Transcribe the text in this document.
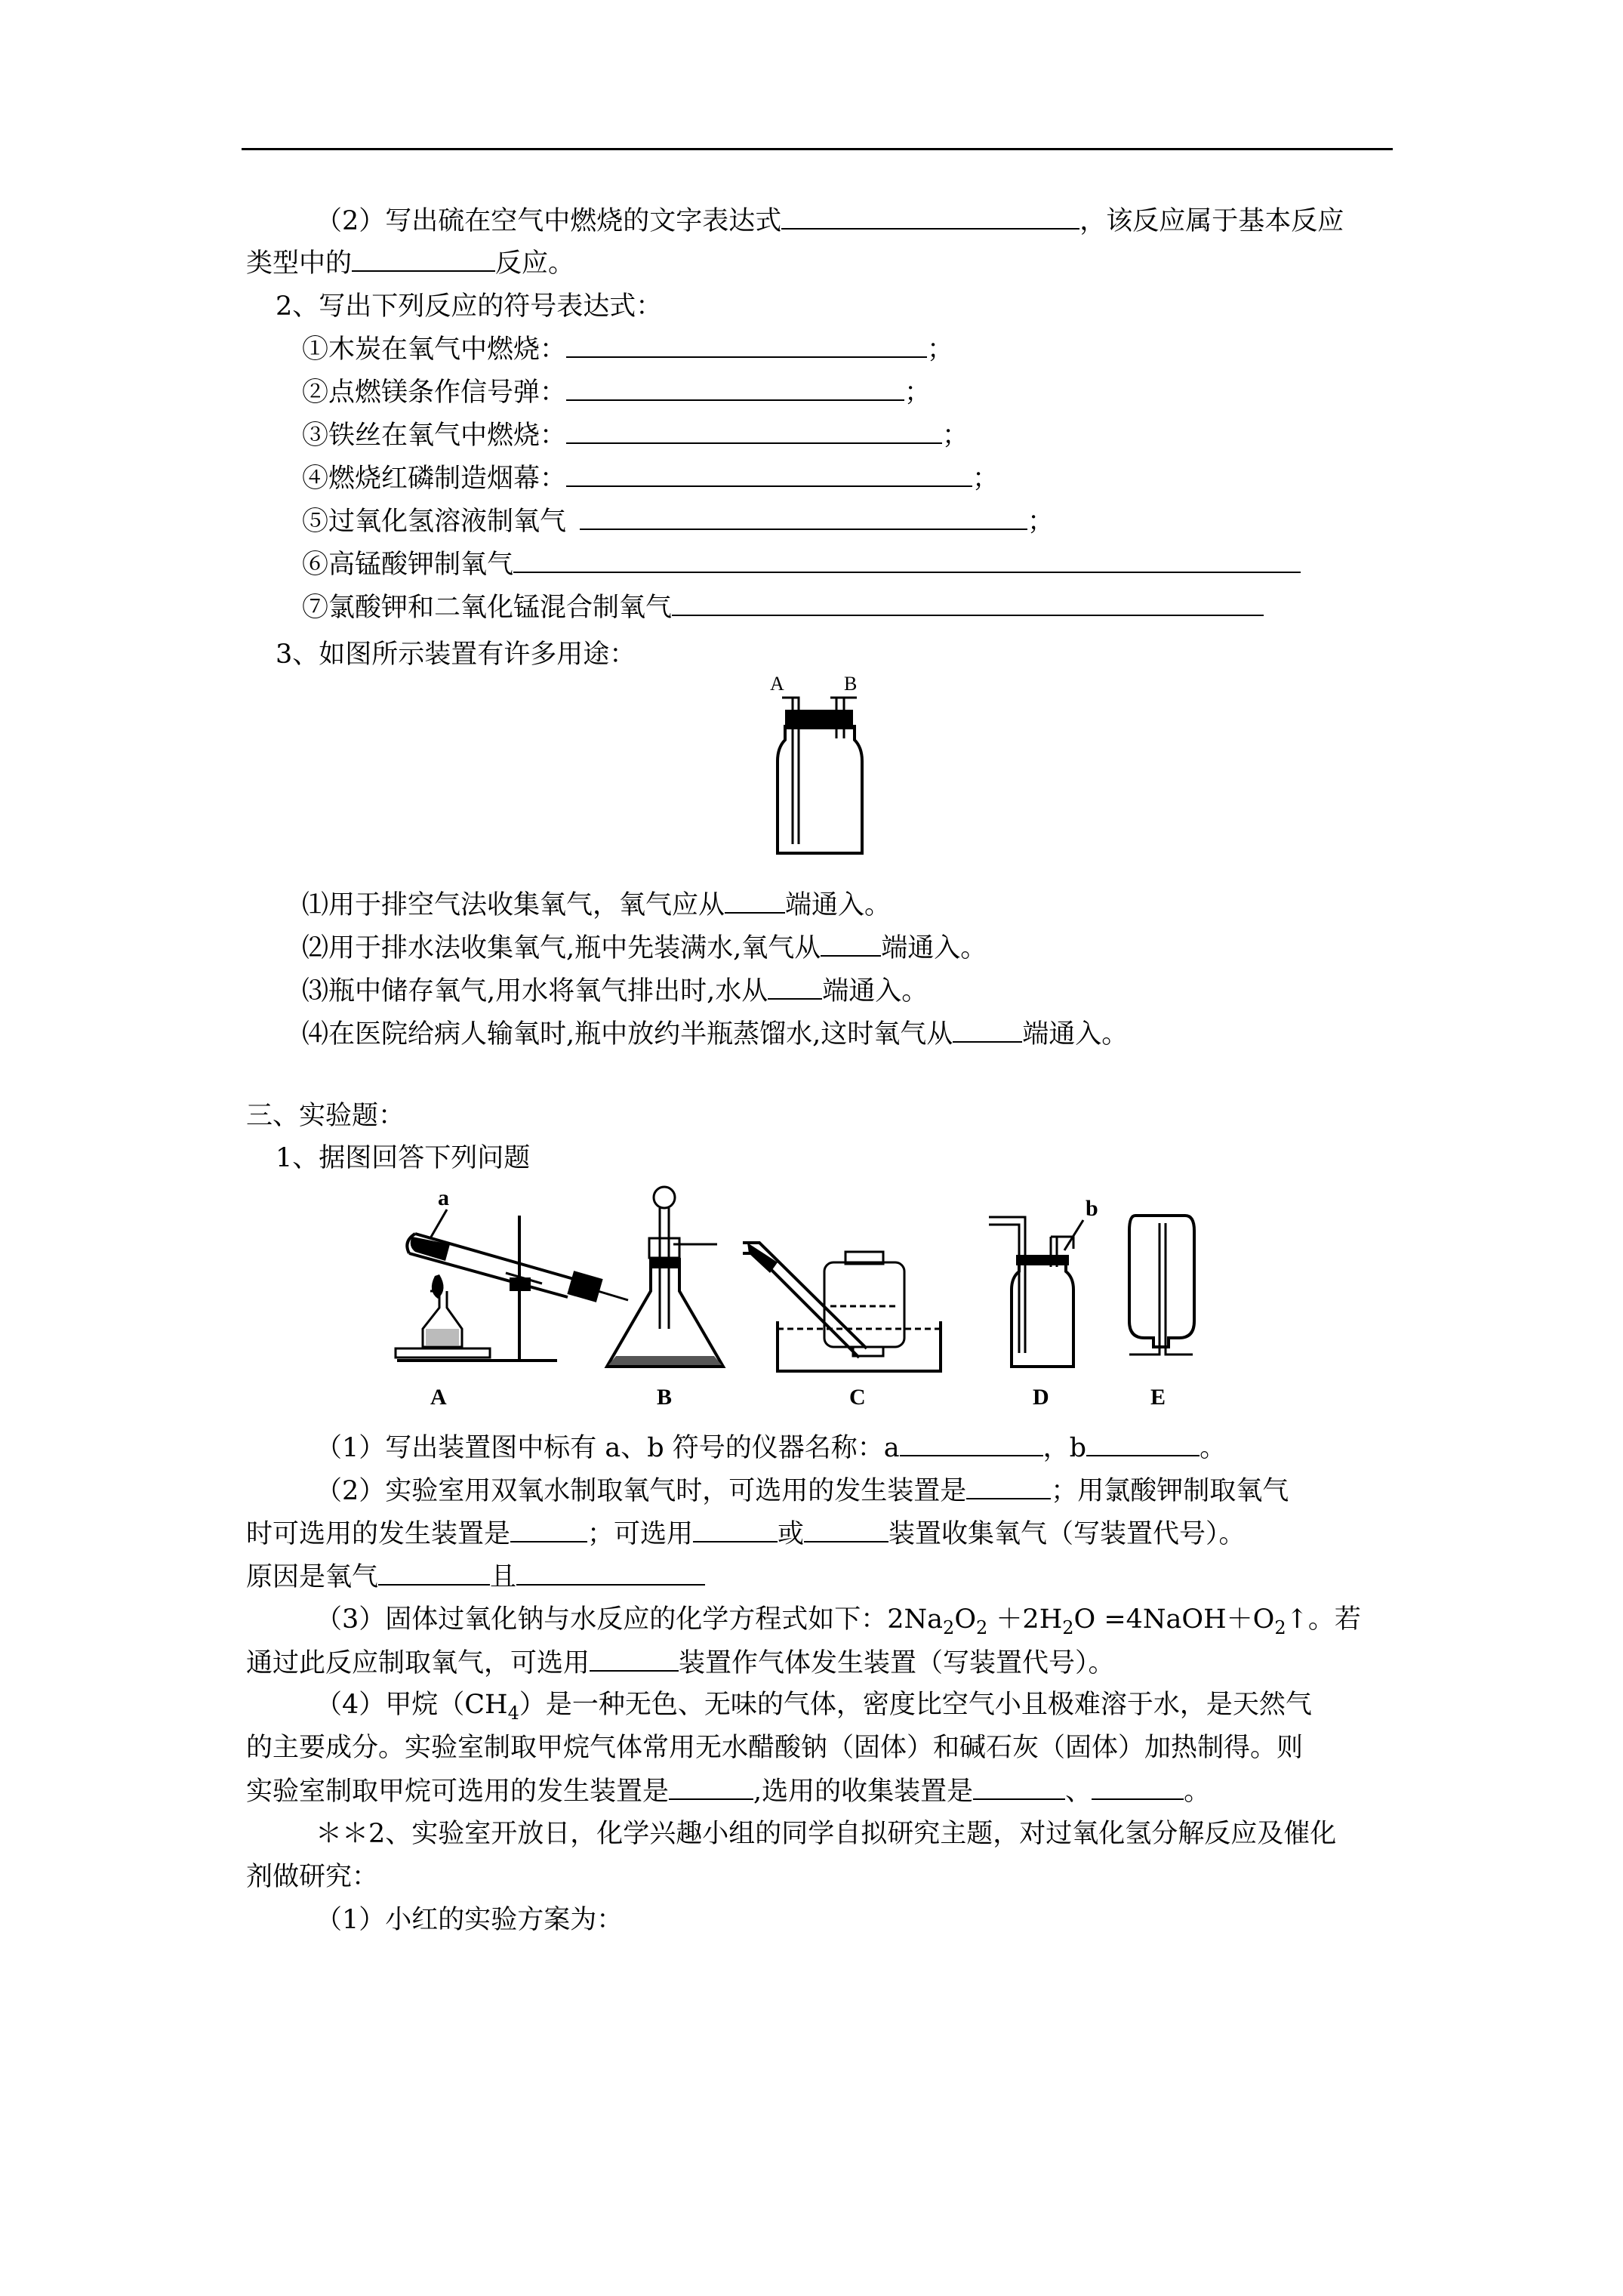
（2）写出硫在空气中燃烧的文字表达式	，该反应属于基本反应
类型中的	反应。
2、写出下列反应的符号表达式：
①木炭在氧气中燃烧：	；
②点燃镁条作信号弹：	；
③铁丝在氧气中燃烧：	；
④燃烧红磷制造烟幕：	；
⑤过氧化氢溶液制氧气	；
⑥高锰酸钾制氧气
⑦氯酸钾和二氧化锰混合制氧气
3、如图所示装置有许多用途：
A	B
⑴用于排空气法收集氧气，氧气应从 端通入。
⑵用于排水法收集氧气,瓶中先装满水,氧气从 端通入。
⑶瓶中储存氧气,用水将氧气排出时,水从 端通入。
⑷在医院给病人输氧时,瓶中放约半瓶蒸馏水,这时氧气从	端通入。
三、实验题：
1、据图回答下列问题
a
A	B	C
b
D	E
（1）写出装置图中标有 a、b 符号的仪器名称：a	，b	。
（2）实验室用双氧水制取氧气时，可选用的发生装置是	；用氯酸钾制取氧气
时可选用的发生装置是	；可选用	或	装置收集氧气（写装置代号）。
原因是氧气	且
（3）固体过氧化钠与水反应的化学方程式如下：$2Na_2O_2 +2H_2O$ $=4NaOH+O_2↑$。若
通过此反应制取氧气，可选用	装置作气体发生装置（写装置代号）。
（4）甲烷$(CH_4)$是一种无色、无味的气体，密度比空气小且极难溶于水，是天然气
的主要成分。实验室制取甲烷气体常用无水醋酸钠（固体）和碱石灰（固体）加热制得。则
实验室制取甲烷可选用的发生装置是	,选用的收集装置是	、	。
＊＊2、实验室开放日，化学兴趣小组的同学自拟研究主题，对过氧化氢分解反应及催化
剂做研究：
（1）小红的实验方案为：
